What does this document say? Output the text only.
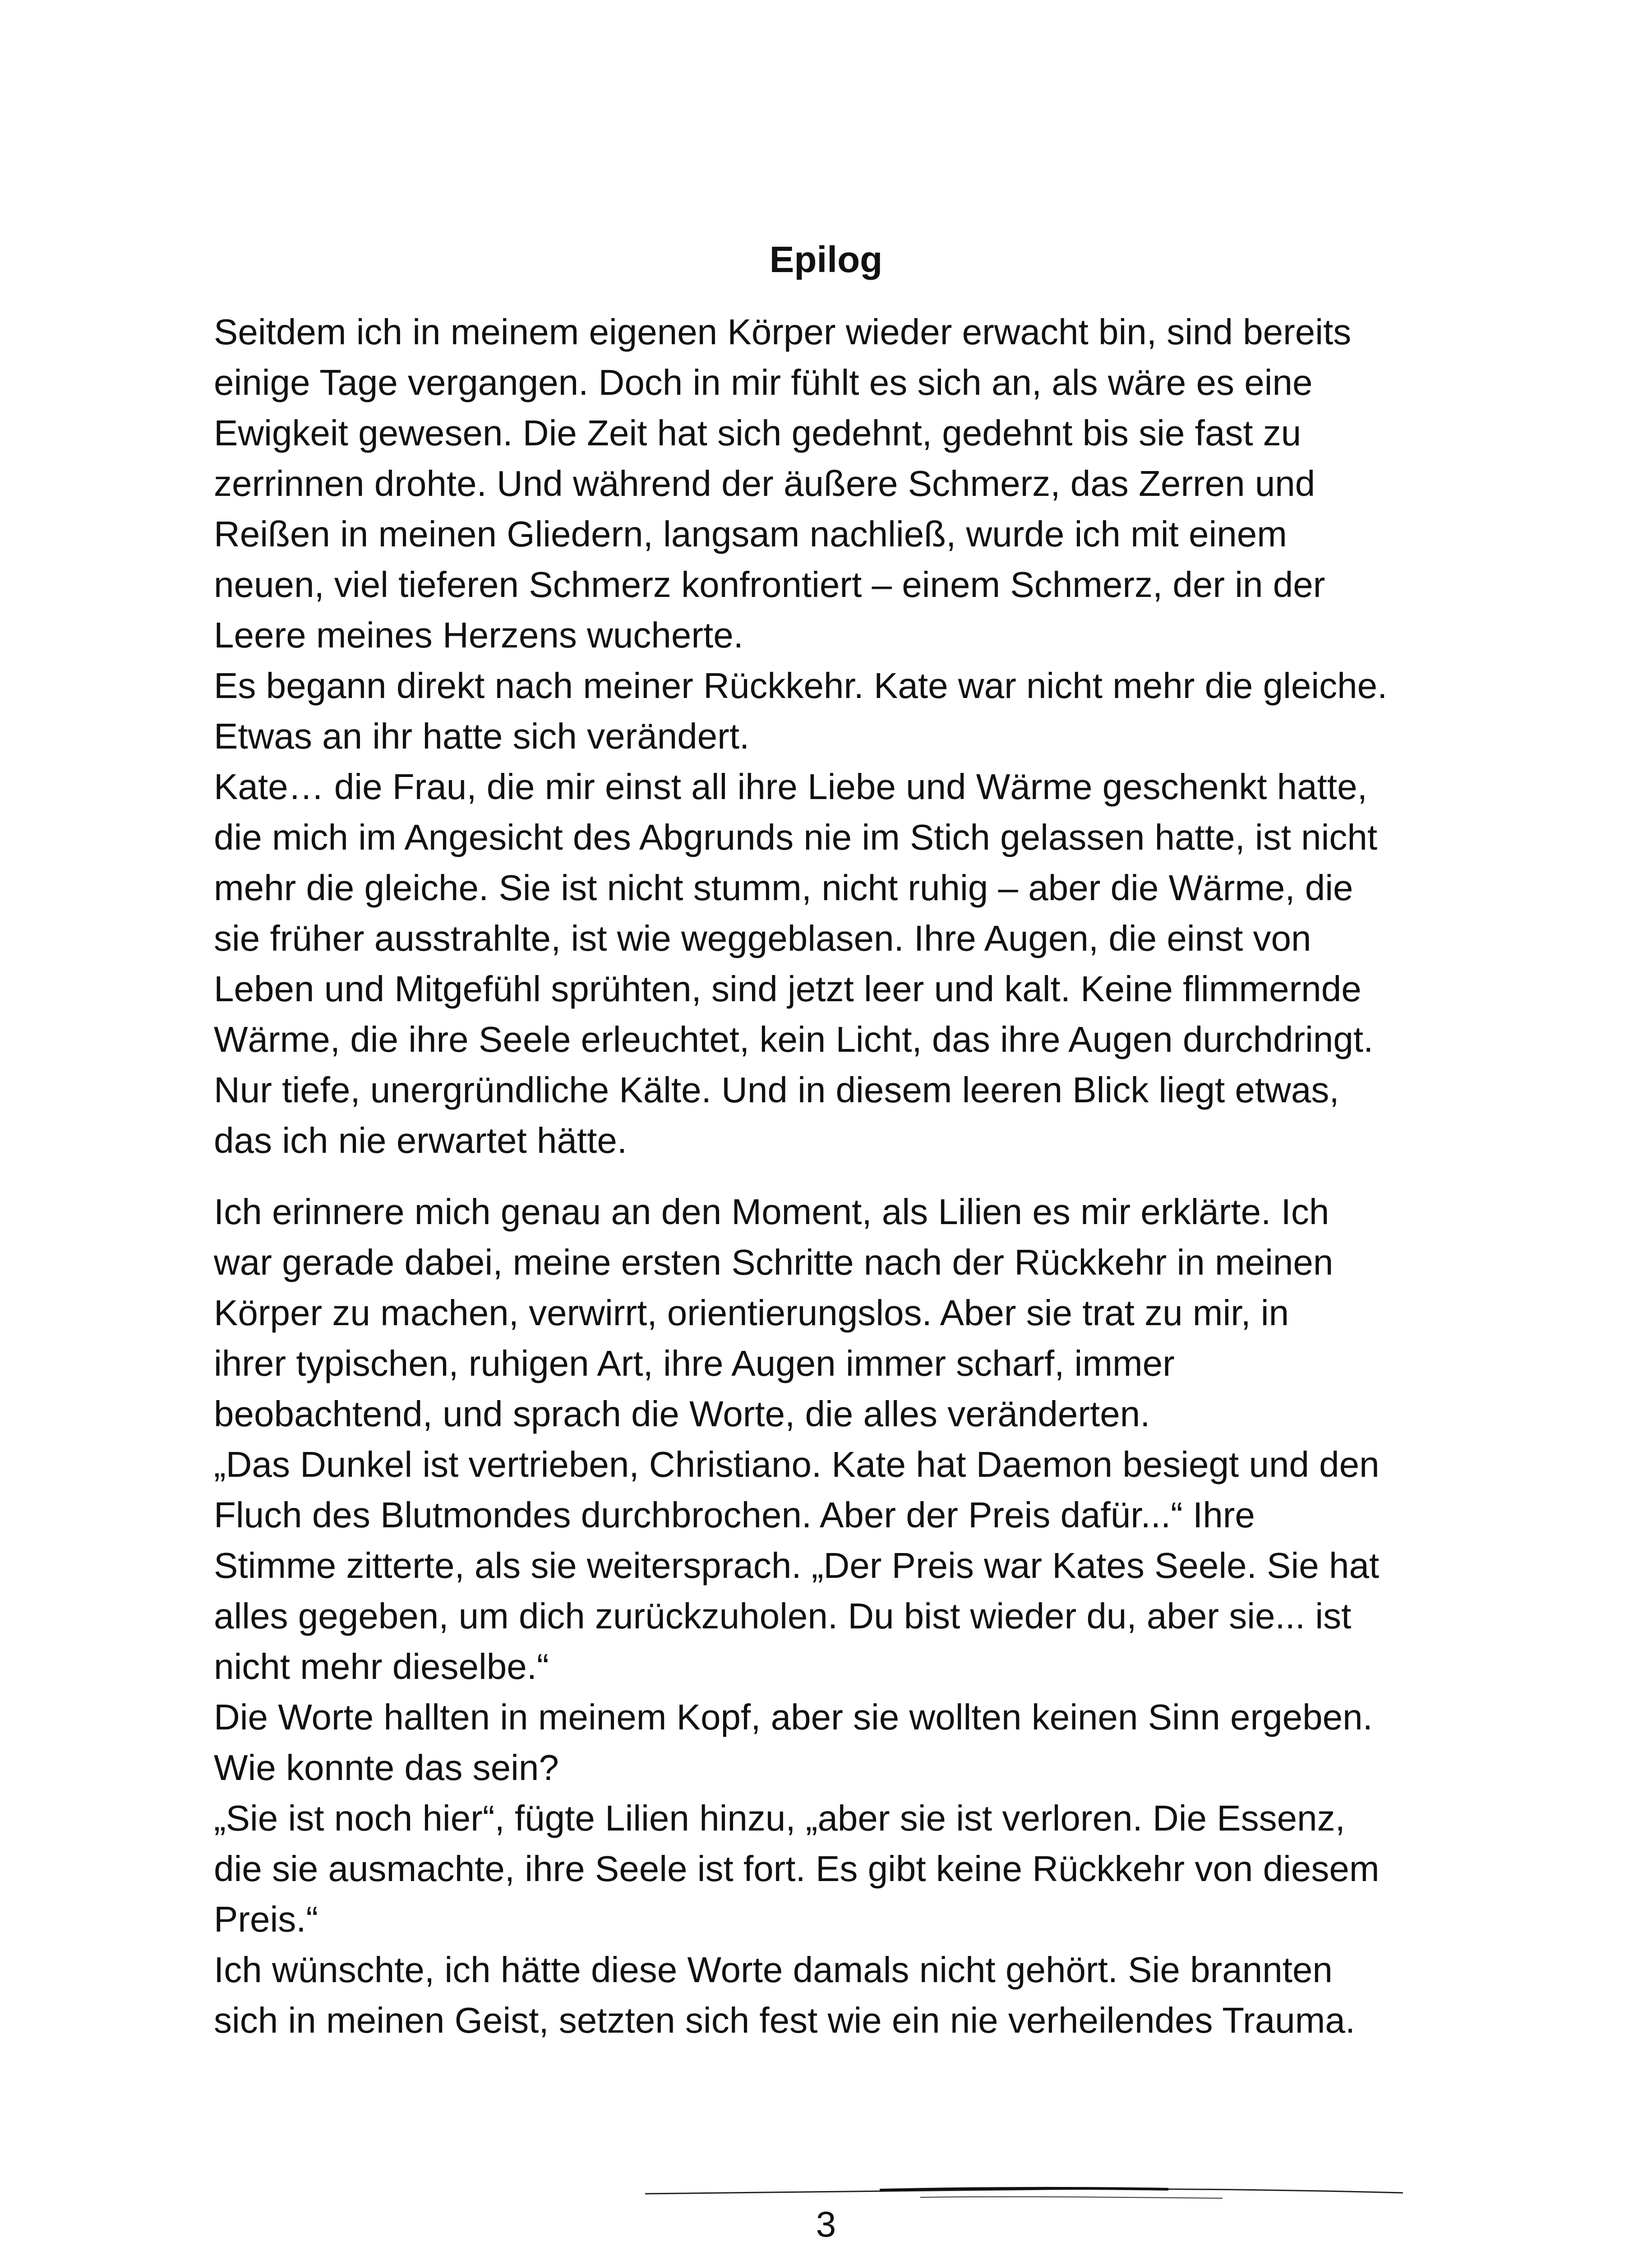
Epilog
Seitdem ich in meinem eigenen Körper wieder erwacht bin, sind bereits
einige Tage vergangen. Doch in mir fühlt es sich an, als wäre es eine
Ewigkeit gewesen. Die Zeit hat sich gedehnt, gedehnt bis sie fast zu
zerrinnen drohte. Und während der äußere Schmerz, das Zerren und
Reißen in meinen Gliedern, langsam nachließ, wurde ich mit einem
neuen, viel tieferen Schmerz konfrontiert – einem Schmerz, der in der
Leere meines Herzens wucherte.
Es begann direkt nach meiner Rückkehr. Kate war nicht mehr die gleiche.
Etwas an ihr hatte sich verändert.
Kate… die Frau, die mir einst all ihre Liebe und Wärme geschenkt hatte,
die mich im Angesicht des Abgrunds nie im Stich gelassen hatte, ist nicht
mehr die gleiche. Sie ist nicht stumm, nicht ruhig – aber die Wärme, die
sie früher ausstrahlte, ist wie weggeblasen. Ihre Augen, die einst von
Leben und Mitgefühl sprühten, sind jetzt leer und kalt. Keine flimmernde
Wärme, die ihre Seele erleuchtet, kein Licht, das ihre Augen durchdringt.
Nur tiefe, unergründliche Kälte. Und in diesem leeren Blick liegt etwas,
das ich nie erwartet hätte.
Ich erinnere mich genau an den Moment, als Lilien es mir erklärte. Ich
war gerade dabei, meine ersten Schritte nach der Rückkehr in meinen
Körper zu machen, verwirrt, orientierungslos. Aber sie trat zu mir, in
ihrer typischen, ruhigen Art, ihre Augen immer scharf, immer
beobachtend, und sprach die Worte, die alles veränderten.
„Das Dunkel ist vertrieben, Christiano. Kate hat Daemon besiegt und den
Fluch des Blutmondes durchbrochen. Aber der Preis dafür...“ Ihre
Stimme zitterte, als sie weitersprach. „Der Preis war Kates Seele. Sie hat
alles gegeben, um dich zurückzuholen. Du bist wieder du, aber sie... ist
nicht mehr dieselbe.“
Die Worte hallten in meinem Kopf, aber sie wollten keinen Sinn ergeben.
Wie konnte das sein?
„Sie ist noch hier“, fügte Lilien hinzu, „aber sie ist verloren. Die Essenz,
die sie ausmachte, ihre Seele ist fort. Es gibt keine Rückkehr von diesem
Preis.“
Ich wünschte, ich hätte diese Worte damals nicht gehört. Sie brannten
sich in meinen Geist, setzten sich fest wie ein nie verheilendes Trauma.
3
